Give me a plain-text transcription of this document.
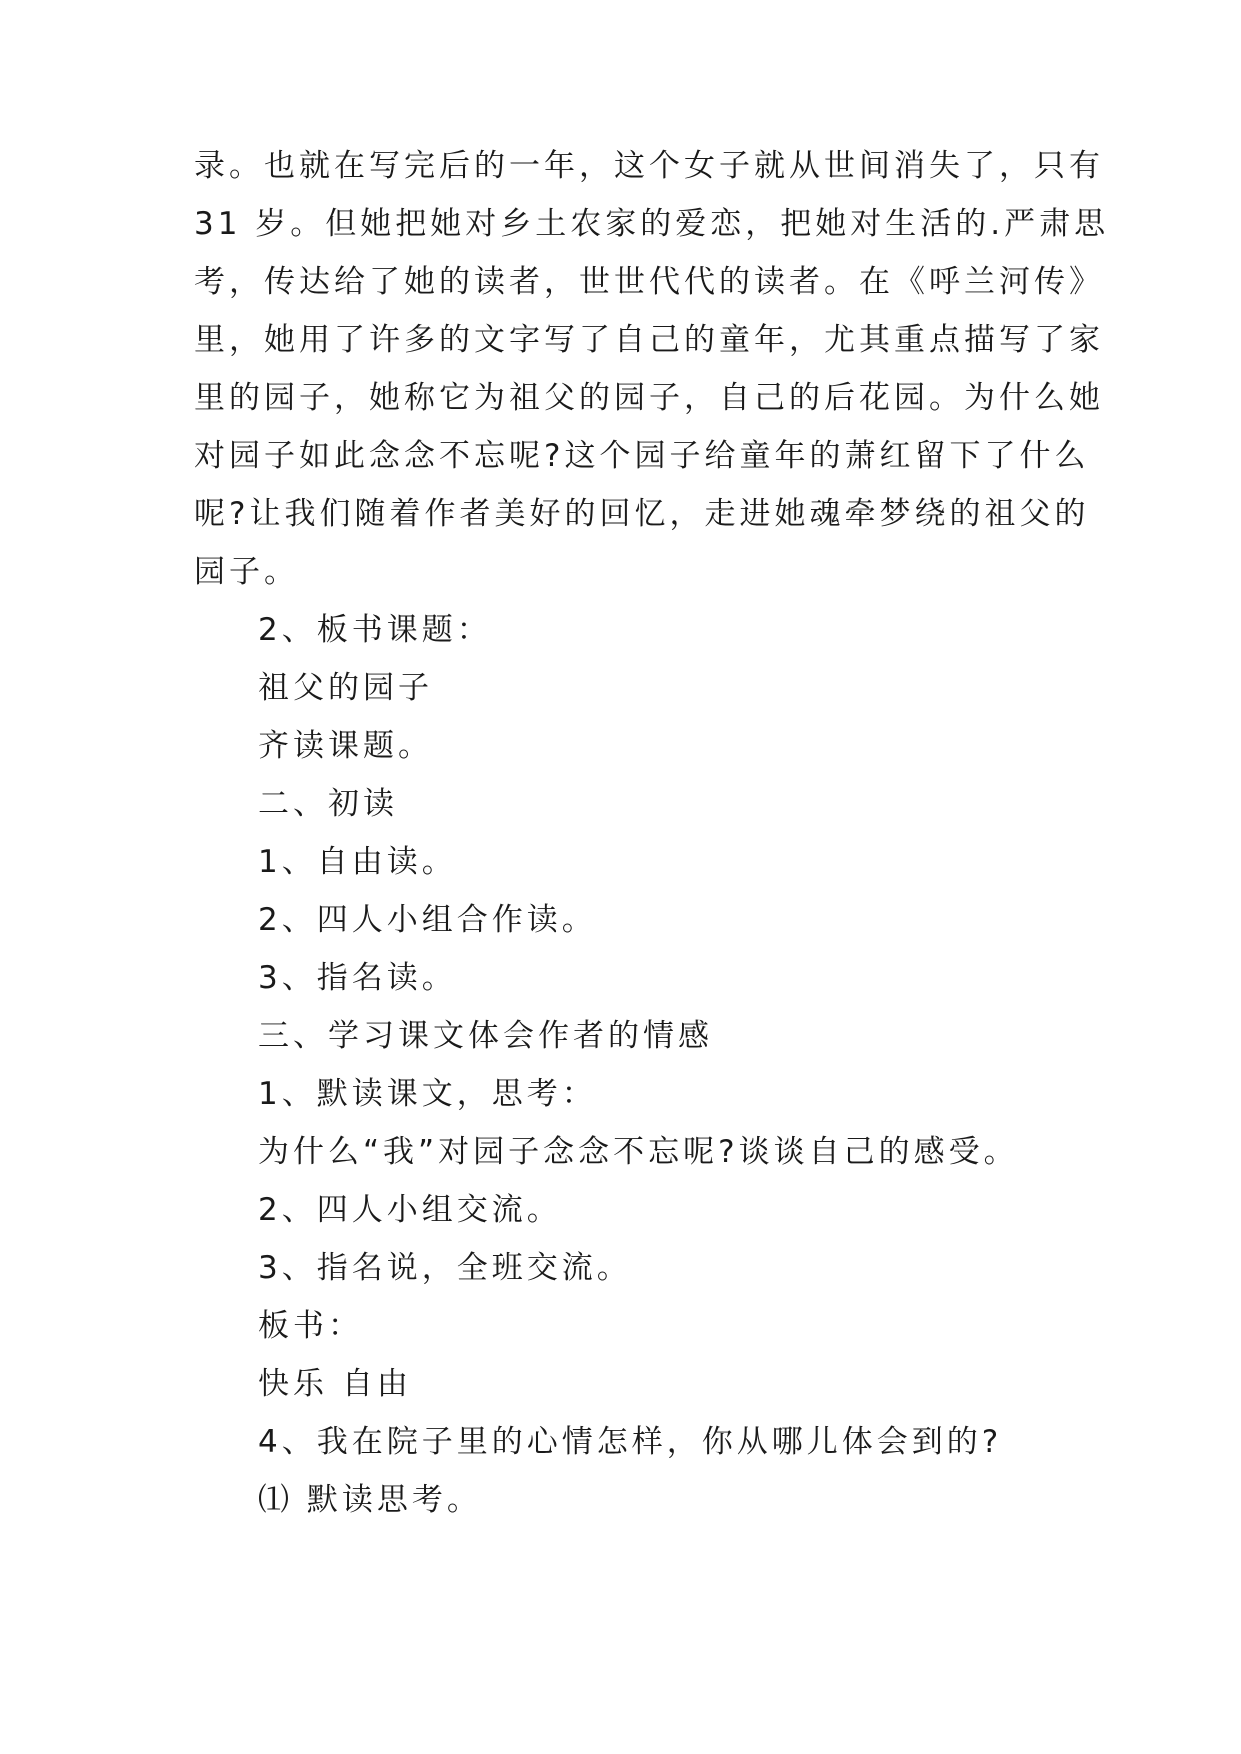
录。也就在写完后的一年，这个女子就从世间消失了，只有
31 岁。但她把她对乡土农家的爱恋，把她对生活的.严肃思
考，传达给了她的读者，世世代代的读者。在《呼兰河传》
里，她用了许多的文字写了自己的童年，尤其重点描写了家
里的园子，她称它为祖父的园子，自己的后花园。为什么她
对园子如此念念不忘呢?这个园子给童年的萧红留下了什么
呢?让我们随着作者美好的回忆，走进她魂牵梦绕的祖父的
园子。
2、板书课题：
祖父的园子
齐读课题。
二、初读
1、自由读。
2、四人小组合作读。
3、指名读。
三、学习课文体会作者的情感
1、默读课文，思考：
为什么“我”对园子念念不忘呢?谈谈自己的感受。
2、四人小组交流。
3、指名说，全班交流。
板书：
快乐 自由
4、我在院子里的心情怎样，你从哪儿体会到的?
⑴ 默读思考。
